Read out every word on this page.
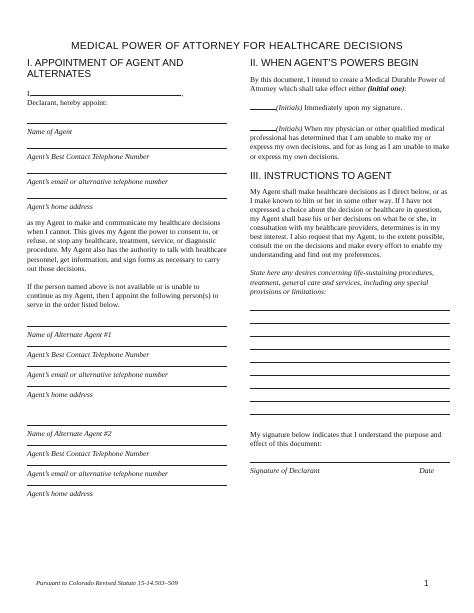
MEDICAL POWER OF ATTORNEY FOR HEALTHCARE DECISIONS

I. APPOINTMENT OF AGENT AND

ALTERNATES

I,	,

Declarant, hereby appoint:

Name of Agent

Agent’s Best Contact Telephone Number

Agent’s email or alternative telephone number

Agent’s home address

as my Agent to make and communicate my healthcare decisions when I cannot. This gives my Agent the power to consent to, or refuse, or stop any healthcare, treatment, service, or diagnostic procedure. My Agent also has the authority to talk with healthcare personnel, get information, and sign forms as necessary to carry out those decisions.

If the person named above is not available or is unable to continue as my Agent, then I appoint the following person(s) to serve in the order listed below.

Name of Alternate Agent #1

Agent’s Best Contact Telephone Number

Agent’s email or alternative telephone number

Agent’s home address

Name of Alternate Agent #2

Agent’s Best Contact Telephone Number

Agent’s email or alternative telephone number

Agent’s home address

II. WHEN AGENT’S POWERS BEGIN

By this document, I intend to create a Medical Durable Power of Attorney which shall take effect either (initial one):

(Initials) Immediately upon my signature.

(Initials) When my physician or other qualified medical professional has determined that I am unable to make my or express my own decisions, and for as long as I am unable to make or express my own decisions.

III. INSTRUCTIONS TO AGENT

My Agent shall make healthcare decisions as I direct below, or as I make known to him or her in some other way. If I have not expressed a choice about the decision or healthcare in question, my Agent shall base his or her decisions on what he or she, in consultation with my healthcare providers, determines is in my best interest. I also request that my Agent, to the extent possible, consult me on the decisions and make every effort to enable my understanding and find out my preferences.

State here any desires concerning life-sustaining procedures, treatment, general care and services, including any special provisions or limitations:

My signature below indicates that I understand the purpose and effect of this document:

Signature of Declarant	Date
Pursuant to Colorado Revised Statute 15-14.503–509	1
